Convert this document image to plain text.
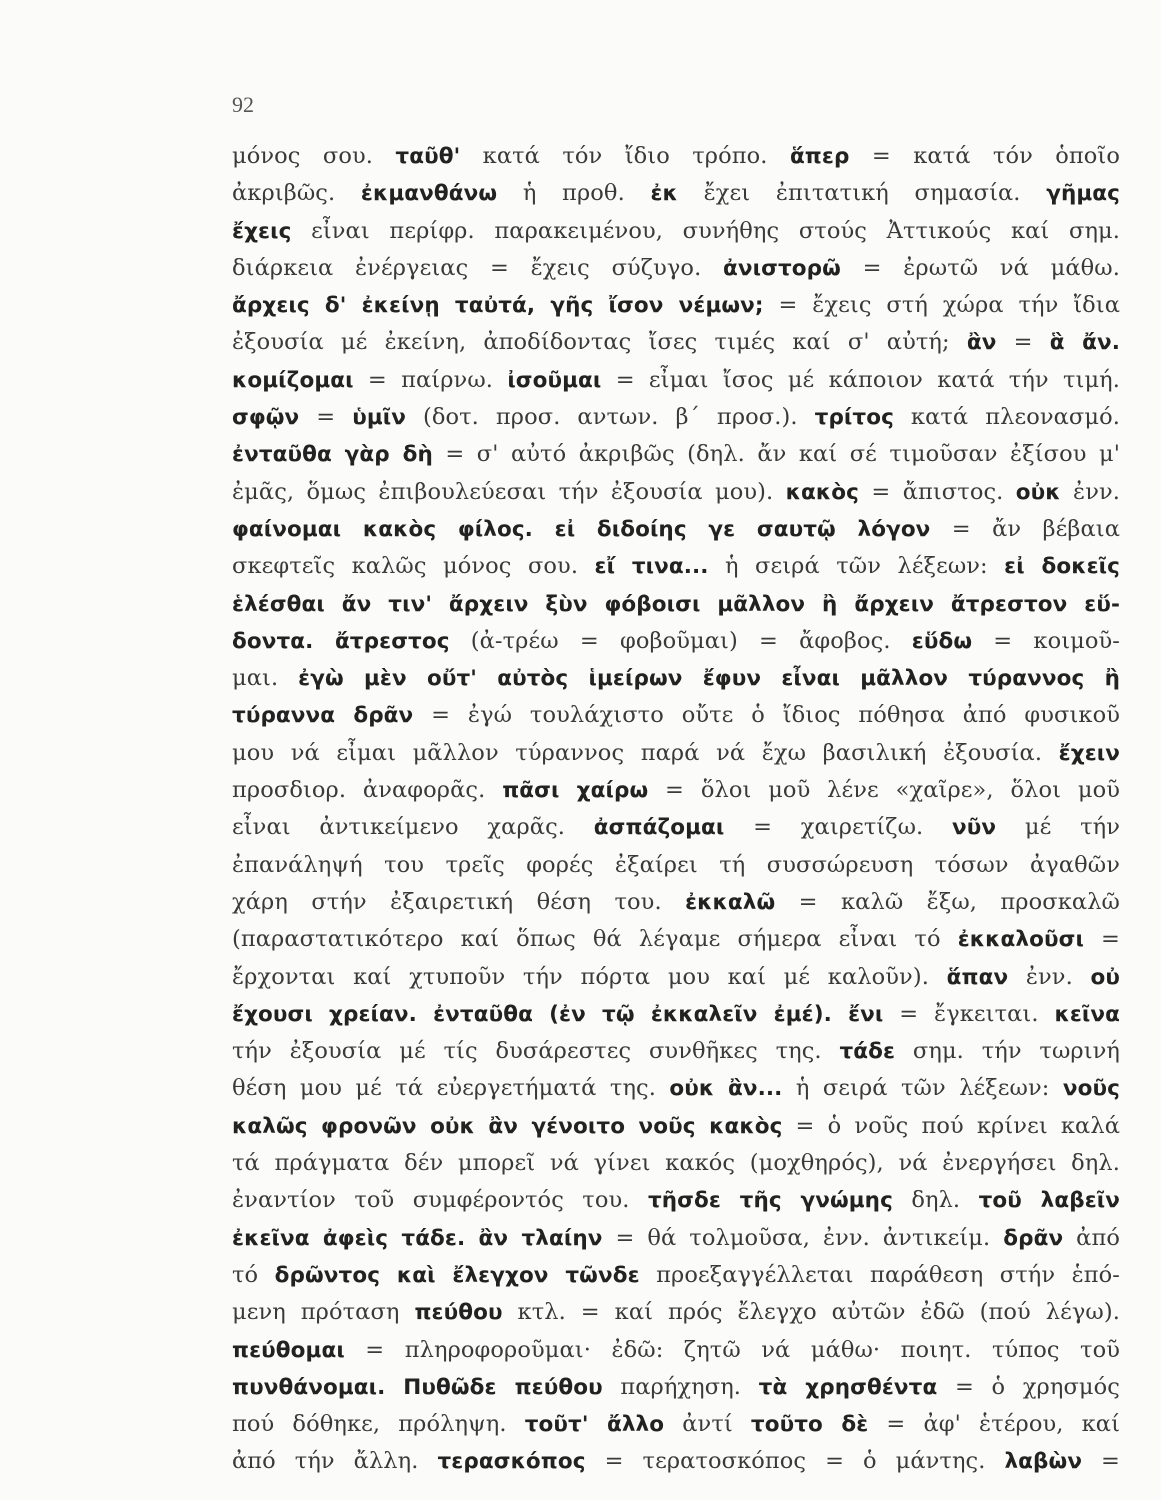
92
μόνος σου. ταῦθ' κατά τόν ἴδιο τρόπο. ἅπερ = κατά τόν ὁποῖο
ἀκριβῶς. ἐκμανθάνω ἡ προθ. ἐκ ἔχει ἐπιτατική σημασία. γῆμας
ἔχεις εἶναι περίφρ. παρακειμένου, συνήθης στούς Ἀττικούς καί σημ.
διάρκεια ἐνέργειας = ἔχεις σύζυγο. ἀνιστορῶ = ἐρωτῶ νά μάθω.
ἄρχεις δ' ἐκείνῃ ταὐτά, γῆς ἴσον νέμων; = ἔχεις στή χώρα τήν ἴδια
ἐξουσία μέ ἐκείνη, ἀποδίδοντας ἴσες τιμές καί σ' αὐτή; ἂν = ἃ ἄν.
κομίζομαι = παίρνω. ἰσοῦμαι = εἶμαι ἴσος μέ κάποιον κατά τήν τιμή.
σφῷν = ὑμῖν (δοτ. προσ. αντων. β´ προσ.). τρίτος κατά πλεονασμό.
ἐνταῦθα γὰρ δὴ = σ' αὐτό ἀκριβῶς (δηλ. ἄν καί σέ τιμοῦσαν ἐξίσου μ'
ἐμᾶς, ὅμως ἐπιβουλεύεσαι τήν ἐξουσία μου). κακὸς = ἄπιστος. οὐκ ἐνν.
φαίνομαι κακὸς φίλος. εἰ διδοίης γε σαυτῷ λόγον = ἄν βέβαια
σκεφτεῖς καλῶς μόνος σου. εἴ τινα... ἡ σειρά τῶν λέξεων: εἰ δοκεῖς
ἑλέσθαι ἄν τιν' ἄρχειν ξὺν φόβοισι μᾶλλον ἢ ἄρχειν ἄτρεστον εὕ-
δοντα. ἄτρεστος (ἀ-τρέω = φοβοῦμαι) = ἄφοβος. εὕδω = κοιμοῦ-
μαι. ἐγὼ μὲν οὔτ' αὐτὸς ἱμείρων ἔφυν εἶναι μᾶλλον τύραννος ἢ
τύραννα δρᾶν = ἐγώ τουλάχιστο οὔτε ὁ ἴδιος πόθησα ἀπό φυσικοῦ
μου νά εἶμαι μᾶλλον τύραννος παρά νά ἔχω βασιλική ἐξουσία. ἔχειν
προσδιορ. ἀναφορᾶς. πᾶσι χαίρω = ὅλοι μοῦ λένε «χαῖρε», ὅλοι μοῦ
εἶναι ἀντικείμενο χαρᾶς. ἀσπάζομαι = χαιρετίζω. νῦν μέ τήν
ἐπανάληψή του τρεῖς φορές ἐξαίρει τή συσσώρευση τόσων ἀγαθῶν
χάρη στήν ἐξαιρετική θέση του. ἐκκαλῶ = καλῶ ἔξω, προσκαλῶ
(παραστατικότερο καί ὅπως θά λέγαμε σήμερα εἶναι τό ἐκκαλοῦσι =
ἔρχονται καί χτυποῦν τήν πόρτα μου καί μέ καλοῦν). ἅπαν ἐνν. οὐ
ἔχουσι χρείαν. ἐνταῦθα (ἐν τῷ ἐκκαλεῖν ἐμέ). ἔνι = ἔγκειται. κεῖνα
τήν ἐξουσία μέ τίς δυσάρεστες συνθῆκες της. τάδε σημ. τήν τωρινή
θέση μου μέ τά εὐεργετήματά της. οὐκ ἂν... ἡ σειρά τῶν λέξεων: νοῦς
καλῶς φρονῶν οὐκ ἂν γένοιτο νοῦς κακὸς = ὁ νοῦς πού κρίνει καλά
τά πράγματα δέν μπορεῖ νά γίνει κακός (μοχθηρός), νά ἐνεργήσει δηλ.
ἐναντίον τοῦ συμφέροντός του. τῆσδε τῆς γνώμης δηλ. τοῦ λαβεῖν
ἐκεῖνα ἀφεὶς τάδε. ἂν τλαίην = θά τολμοῦσα, ἐνν. ἀντικείμ. δρᾶν ἀπό
τό δρῶντος καὶ ἔλεγχον τῶνδε προεξαγγέλλεται παράθεση στήν ἑπό-
μενη πρόταση πεύθου κτλ. = καί πρός ἔλεγχο αὐτῶν ἐδῶ (πού λέγω).
πεύθομαι = πληροφοροῦμαι· ἐδῶ: ζητῶ νά μάθω· ποιητ. τύπος τοῦ
πυνθάνομαι. Πυθῶδε πεύθου παρήχηση. τὰ χρησθέντα = ὁ χρησμός
πού δόθηκε, πρόληψη. τοῦτ' ἄλλο ἀντί τοῦτο δὲ = ἀφ' ἑτέρου, καί
ἀπό τήν ἄλλη. τερασκόπος = τερατοσκόπος = ὁ μάντης. λαβὼν =
